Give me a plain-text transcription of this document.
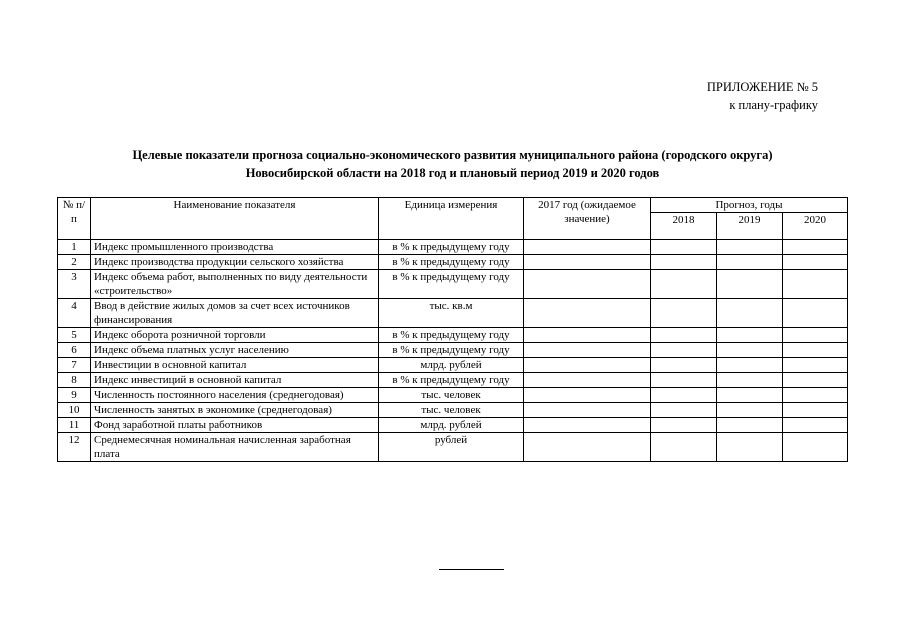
ПРИЛОЖЕНИЕ № 5
к плану-графику
Целевые показатели прогноза социально-экономического развития муниципального района (городского округа)
Новосибирской области на 2018 год и плановый период 2019 и 2020 годов
№ п/п	Наименование показателя	Единица измерения	2017 год (ожидаемое значение)	Прогноз, годы		
				2018	2019	2020
1	Индекс промышленного производства	в % к предыдущему году				
2	Индекс производства продукции сельского хозяйства	в % к предыдущему году				
3	Индекс объема работ, выполненных по виду деятельности «строительство»	в % к предыдущему году				
4	Ввод в действие жилых домов за счет всех источников финансирования	тыс. кв.м				
5	Индекс оборота розничной торговли	в % к предыдущему году				
6	Индекс объема платных услуг населению	в % к предыдущему году				
7	Инвестиции в основной капитал	млрд. рублей				
8	Индекс инвестиций в основной капитал	в % к предыдущему году				
9	Численность постоянного населения (среднегодовая)	тыс. человек				
10	Численность занятых в экономике (среднегодовая)	тыс. человек				
11	Фонд заработной платы работников	млрд. рублей				
12	Среднемесячная номинальная начисленная заработная плата	рублей				
